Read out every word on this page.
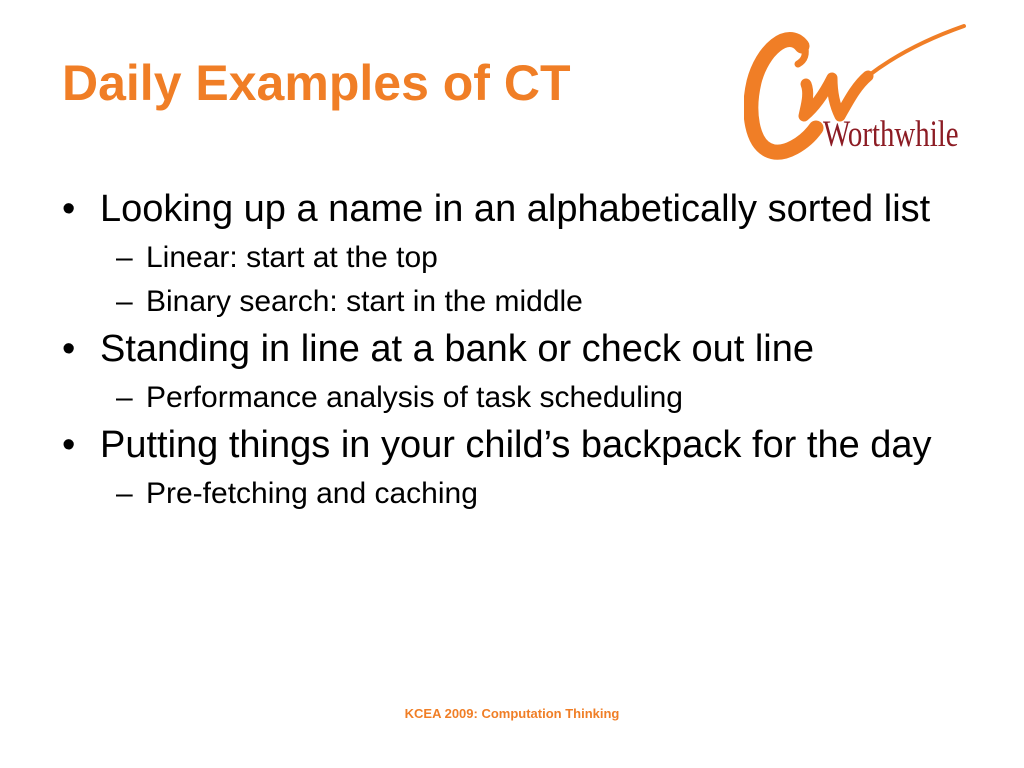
Daily Examples of CT
Worthwhile
• Looking up a name in an alphabetically sorted list
– Linear: start at the top
– Binary search: start in the middle
• Standing in line at a bank or check out line
– Performance analysis of task scheduling
• Putting things in your child’s backpack for the day
– Pre-fetching and caching
KCEA 2009: Computation Thinking
